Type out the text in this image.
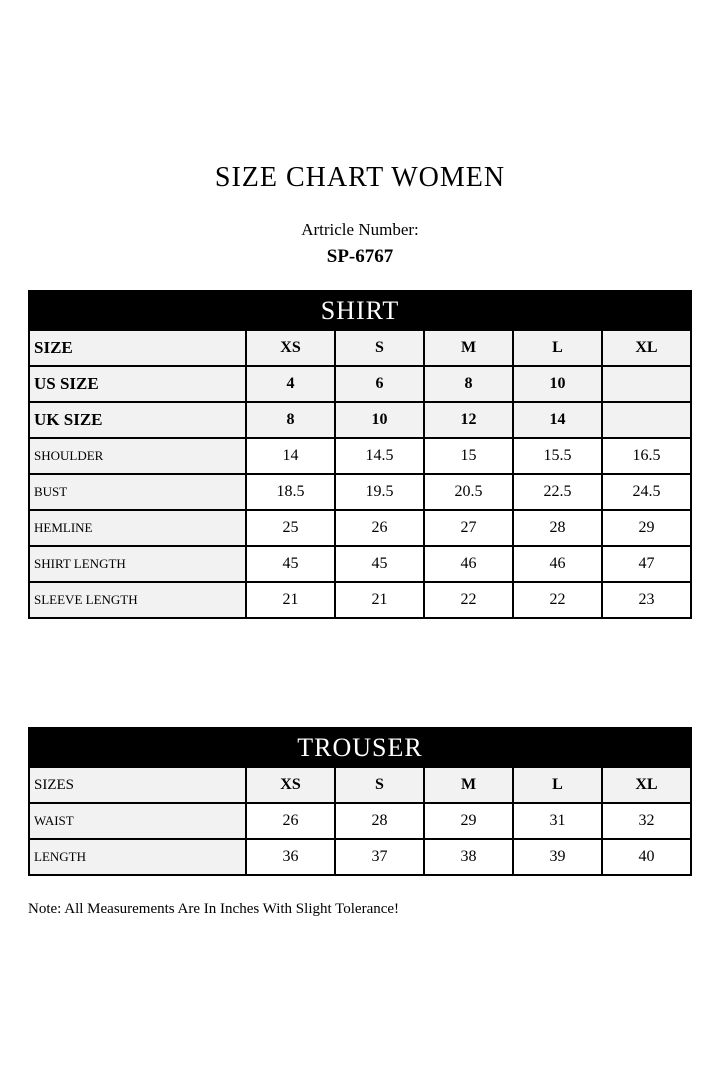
SIZE CHART WOMEN

Artricle Number:

SP-6767

SHIRT					
SIZE	XS	S	M	L	XL
US SIZE	4	6	8	10	
UK SIZE	8	10	12	14	
SHOULDER	14	14.5	15	15.5	16.5
BUST	18.5	19.5	20.5	22.5	24.5
HEMLINE	25	26	27	28	29
SHIRT LENGTH	45	45	46	46	47
SLEEVE LENGTH	21	21	22	22	23
TROUSER					
SIZES	XS	S	M	L	XL
WAIST	26	28	29	31	32
LENGTH	36	37	38	39	40

Note: All Measurements Are In Inches With Slight Tolerance!
